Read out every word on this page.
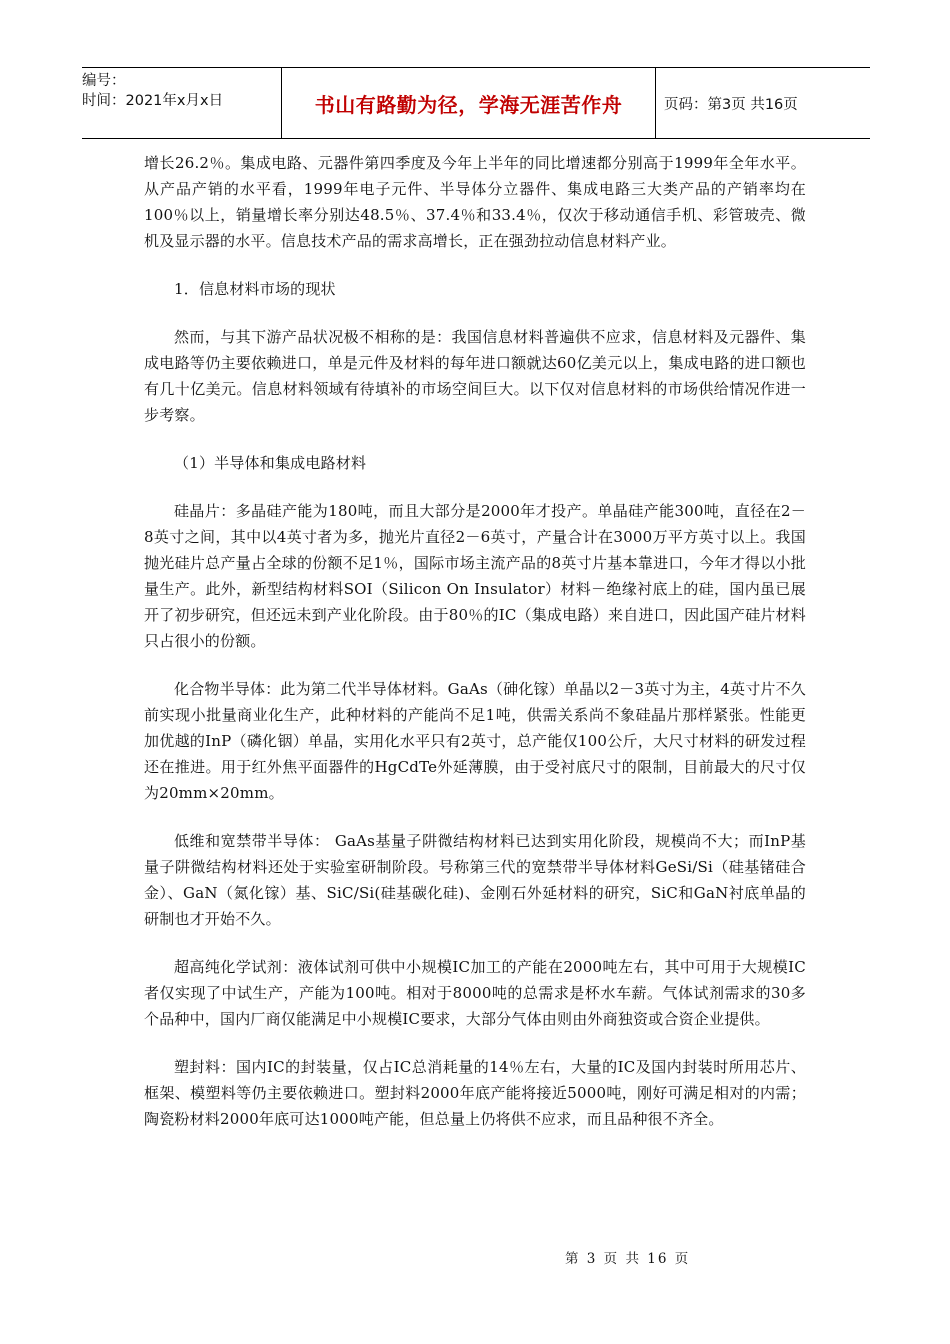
编号：
时间：2021年x月x日	书山有路勤为径，学海无涯苦作舟	页码：第3页 共16页

增长26.2％。集成电路、元器件第四季度及今年上半年的同比增速都分别高于1999年全年水平。从产品产销的水平看，1999年电子元件、半导体分立器件、集成电路三大类产品的产销率均在100％以上，销量增长率分别达48.5％、37.4％和33.4％，仅次于移动通信手机、彩管玻壳、微机及显示器的水平。信息技术产品的需求高增长，正在强劲拉动信息材料产业。

1．信息材料市场的现状

然而，与其下游产品状况极不相称的是：我国信息材料普遍供不应求，信息材料及元器件、集成电路等仍主要依赖进口，单是元件及材料的每年进口额就达60亿美元以上，集成电路的进口额也有几十亿美元。信息材料领域有待填补的市场空间巨大。以下仅对信息材料的市场供给情况作进一步考察。

（1）半导体和集成电路材料

硅晶片：多晶硅产能为180吨，而且大部分是2000年才投产。单晶硅产能300吨，直径在2－8英寸之间，其中以4英寸者为多，抛光片直径2－6英寸，产量合计在3000万平方英寸以上。我国抛光硅片总产量占全球的份额不足1％，国际市场主流产品的8英寸片基本靠进口，今年才得以小批量生产。此外，新型结构材料SOI（Silicon On Insulator）材料－绝缘衬底上的硅，国内虽已展开了初步研究，但还远未到产业化阶段。由于80％的IC（集成电路）来自进口，因此国产硅片材料只占很小的份额。

化合物半导体：此为第二代半导体材料。GaAs（砷化镓）单晶以2－3英寸为主，4英寸片不久前实现小批量商业化生产，此种材料的产能尚不足1吨，供需关系尚不象硅晶片那样紧张。性能更加优越的InP（磷化铟）单晶，实用化水平只有2英寸，总产能仅100公斤，大尺寸材料的研发过程还在推进。用于红外焦平面器件的HgCdTe外延薄膜，由于受衬底尺寸的限制，目前最大的尺寸仅为20mm×20mm。

低维和宽禁带半导体： GaAs基量子阱微结构材料已达到实用化阶段，规模尚不大；而InP基量子阱微结构材料还处于实验室研制阶段。号称第三代的宽禁带半导体材料GeSi/Si（硅基锗硅合金）、GaN（氮化镓）基、SiC/Si(硅基碳化硅)、金刚石外延材料的研究，SiC和GaN衬底单晶的研制也才开始不久。

超高纯化学试剂：液体试剂可供中小规模IC加工的产能在2000吨左右，其中可用于大规模IC者仅实现了中试生产，产能为100吨。相对于8000吨的总需求是杯水车薪。气体试剂需求的30多个品种中，国内厂商仅能满足中小规模IC要求，大部分气体由则由外商独资或合资企业提供。

塑封料：国内IC的封装量，仅占IC总消耗量的14％左右，大量的IC及国内封装时所用芯片、框架、模塑料等仍主要依赖进口。塑封料2000年底产能将接近5000吨，刚好可满足相对的内需；陶瓷粉材料2000年底可达1000吨产能，但总量上仍将供不应求，而且品种很不齐全。

第 3 页 共 16 页
